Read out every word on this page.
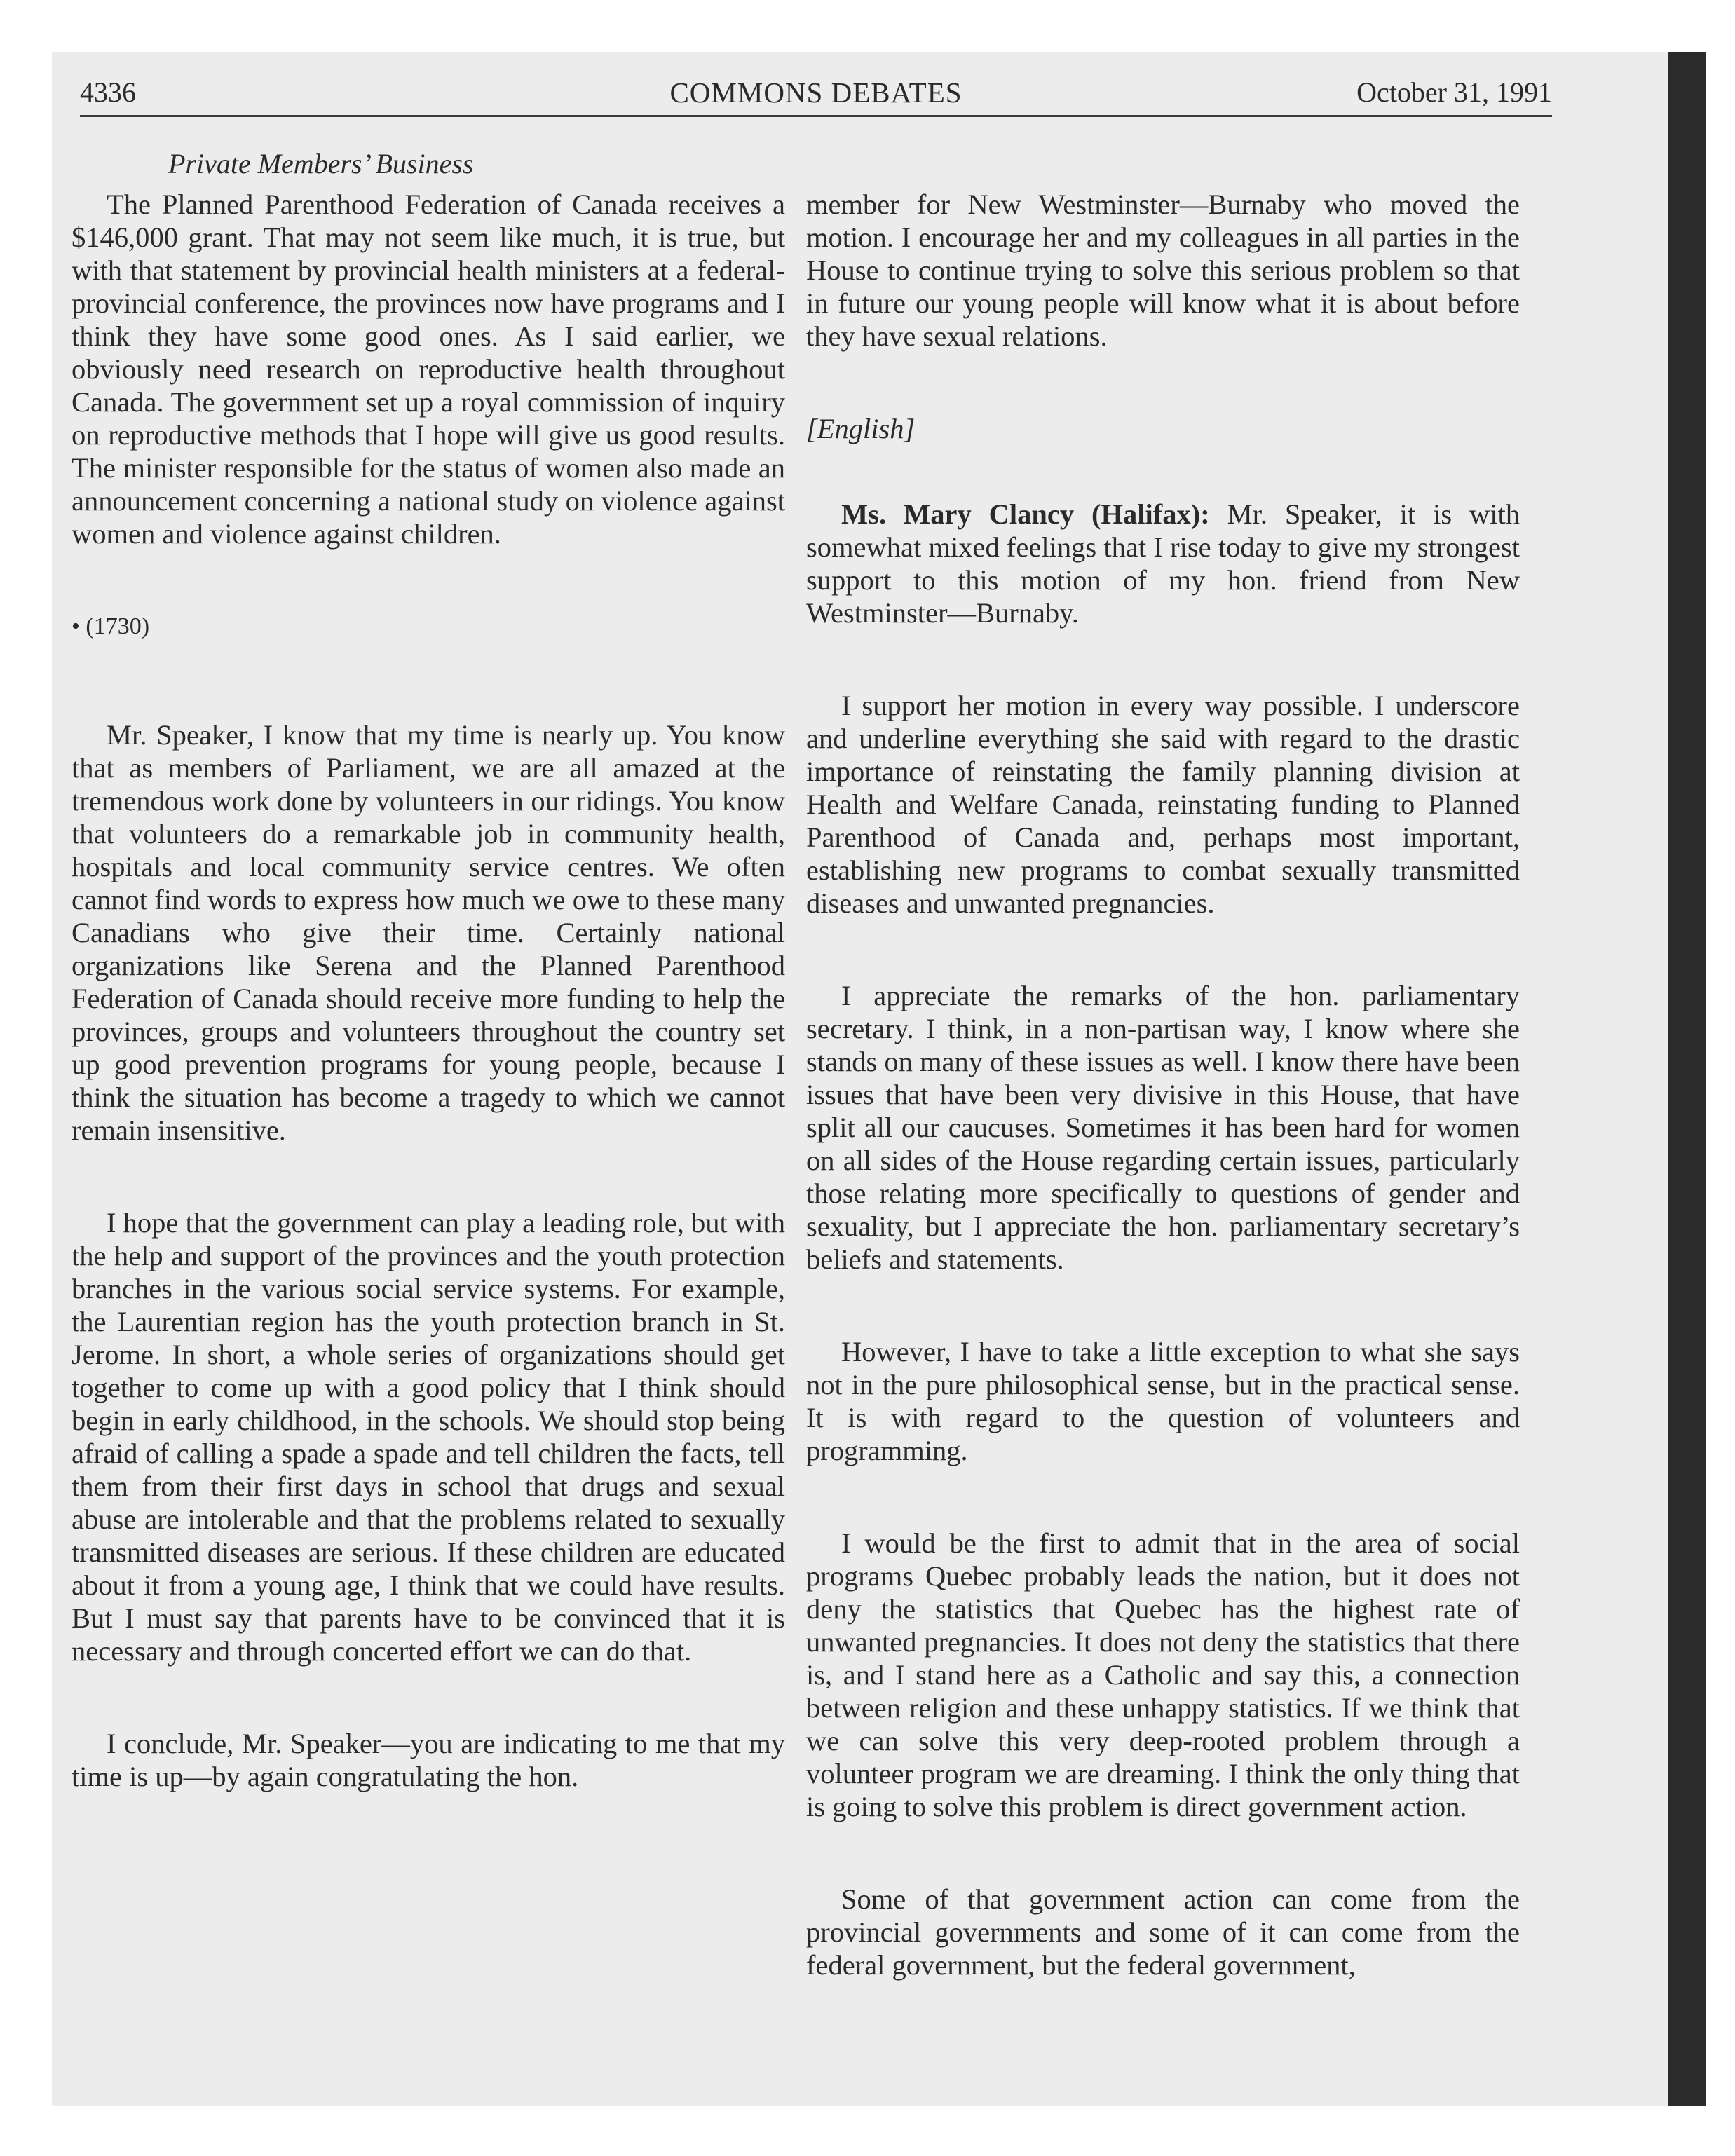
4336	COMMONS DEBATES	October 31, 1991
Private Members’ Business

The Planned Parenthood Federation of Canada receives a $146,000 grant. That may not seem like much, it is true, but with that statement by provincial health ministers at a federal-provincial conference, the provinces now have programs and I think they have some good ones. As I said earlier, we obviously need research on reproductive health throughout Canada. The government set up a royal commission of inquiry on reproductive methods that I hope will give us good results. The minister responsible for the status of women also made an announcement concerning a national study on violence against women and violence against children.

• (1730)

Mr. Speaker, I know that my time is nearly up. You know that as members of Parliament, we are all amazed at the tremendous work done by volunteers in our ridings. You know that volunteers do a remarkable job in community health, hospitals and local community service centres. We often cannot find words to express how much we owe to these many Canadians who give their time. Certainly national organizations like Serena and the Planned Parenthood Federation of Canada should receive more funding to help the provinces, groups and volunteers throughout the country set up good prevention programs for young people, because I think the situation has become a tragedy to which we cannot remain insensitive.

I hope that the government can play a leading role, but with the help and support of the provinces and the youth protection branches in the various social service systems. For example, the Laurentian region has the youth protection branch in St. Jerome. In short, a whole series of organizations should get together to come up with a good policy that I think should begin in early childhood, in the schools. We should stop being afraid of calling a spade a spade and tell children the facts, tell them from their first days in school that drugs and sexual abuse are intolerable and that the problems related to sexually transmitted diseases are serious. If these children are educated about it from a young age, I think that we could have results. But I must say that parents have to be convinced that it is necessary and through concerted effort we can do that.

I conclude, Mr. Speaker—you are indicating to me that my time is up—by again congratulating the hon.

member for New Westminster—Burnaby who moved the motion. I encourage her and my colleagues in all parties in the House to continue trying to solve this serious problem so that in future our young people will know what it is about before they have sexual relations.

[English]

Ms. Mary Clancy (Halifax): Mr. Speaker, it is with somewhat mixed feelings that I rise today to give my strongest support to this motion of my hon. friend from New Westminster—Burnaby.

I support her motion in every way possible. I underscore and underline everything she said with regard to the drastic importance of reinstating the family planning division at Health and Welfare Canada, reinstating funding to Planned Parenthood of Canada and, perhaps most important, establishing new programs to combat sexually transmitted diseases and unwanted pregnancies.

I appreciate the remarks of the hon. parliamentary secretary. I think, in a non-partisan way, I know where she stands on many of these issues as well. I know there have been issues that have been very divisive in this House, that have split all our caucuses. Sometimes it has been hard for women on all sides of the House regarding certain issues, particularly those relating more specifically to questions of gender and sexuality, but I appreciate the hon. parliamentary secretary’s beliefs and statements.

However, I have to take a little exception to what she says not in the pure philosophical sense, but in the practical sense. It is with regard to the question of volunteers and programming.

I would be the first to admit that in the area of social programs Quebec probably leads the nation, but it does not deny the statistics that Quebec has the highest rate of unwanted pregnancies. It does not deny the statistics that there is, and I stand here as a Catholic and say this, a connection between religion and these unhappy statistics. If we think that we can solve this very deep-rooted problem through a volunteer program we are dreaming. I think the only thing that is going to solve this problem is direct government action.

Some of that government action can come from the provincial governments and some of it can come from the federal government, but the federal government,
